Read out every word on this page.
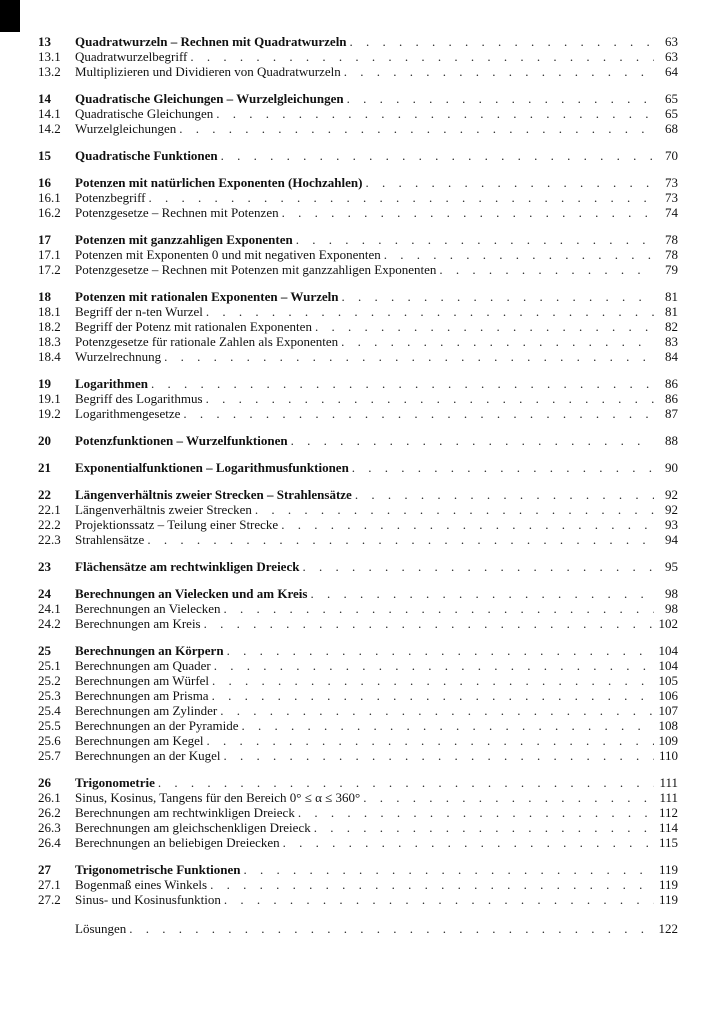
13	Quadratwurzeln – Rechnen mit Quadratwurzeln . . .	63
13.1	Quadratwurzelbegriff . . .	63
13.2	Multiplizieren und Dividieren von Quadratwurzeln . . .	64
14	Quadratische Gleichungen – Wurzelgleichungen . . .	65
14.1	Quadratische Gleichungen . . .	65
14.2	Wurzelgleichungen . . .	68
15	Quadratische Funktionen . . .	70
16	Potenzen mit natürlichen Exponenten (Hochzahlen) . . .	73
16.1	Potenzbegriff . . .	73
16.2	Potenzgesetze – Rechnen mit Potenzen . . .	74
17	Potenzen mit ganzzahligen Exponenten . . .	78
17.1	Potenzen mit Exponenten 0 und mit negativen Exponenten . . .	78
17.2	Potenzgesetze – Rechnen mit Potenzen mit ganzzahligen Exponenten . . .	79
18	Potenzen mit rationalen Exponenten – Wurzeln . . .	81
18.1	Begriff der n-ten Wurzel . . .	81
18.2	Begriff der Potenz mit rationalen Exponenten . . .	82
18.3	Potenzgesetze für rationale Zahlen als Exponenten . . .	83
18.4	Wurzelrechnung . . .	84
19	Logarithmen . . .	86
19.1	Begriff des Logarithmus . . .	86
19.2	Logarithmengesetze . . .	87
20	Potenzfunktionen – Wurzelfunktionen . . .	88
21	Exponentialfunktionen – Logarithmusfunktionen . . .	90
22	Längenverhältnis zweier Strecken – Strahlensätze . . .	92
22.1	Längenverhältnis zweier Strecken . . .	92
22.2	Projektionssatz – Teilung einer Strecke . . .	93
22.3	Strahlensätze . . .	94
23	Flächensätze am rechtwinkligen Dreieck . . .	95
24	Berechnungen an Vielecken und am Kreis . . .	98
24.1	Berechnungen an Vielecken . . .	98
24.2	Berechnungen am Kreis . . .	102
25	Berechnungen an Körpern . . .	104
25.1	Berechnungen am Quader . . .	104
25.2	Berechnungen am Würfel . . .	105
25.3	Berechnungen am Prisma . . .	106
25.4	Berechnungen am Zylinder . . .	107
25.5	Berechnungen an der Pyramide . . .	108
25.6	Berechnungen am Kegel . . .	109
25.7	Berechnungen an der Kugel . . .	110
26	Trigonometrie . . .	111
26.1	Sinus, Kosinus, Tangens für den Bereich 0° ≤ α ≤ 360° . . .	111
26.2	Berechnungen am rechtwinkligen Dreieck . . .	112
26.3	Berechnungen am gleichschenkligen Dreieck . . .	114
26.4	Berechnungen an beliebigen Dreiecken . . .	115
27	Trigonometrische Funktionen . . .	119
27.1	Bogenmaß eines Winkels . . .	119
27.2	Sinus- und Kosinusfunktion . . .	119
Lösungen . . .	122
